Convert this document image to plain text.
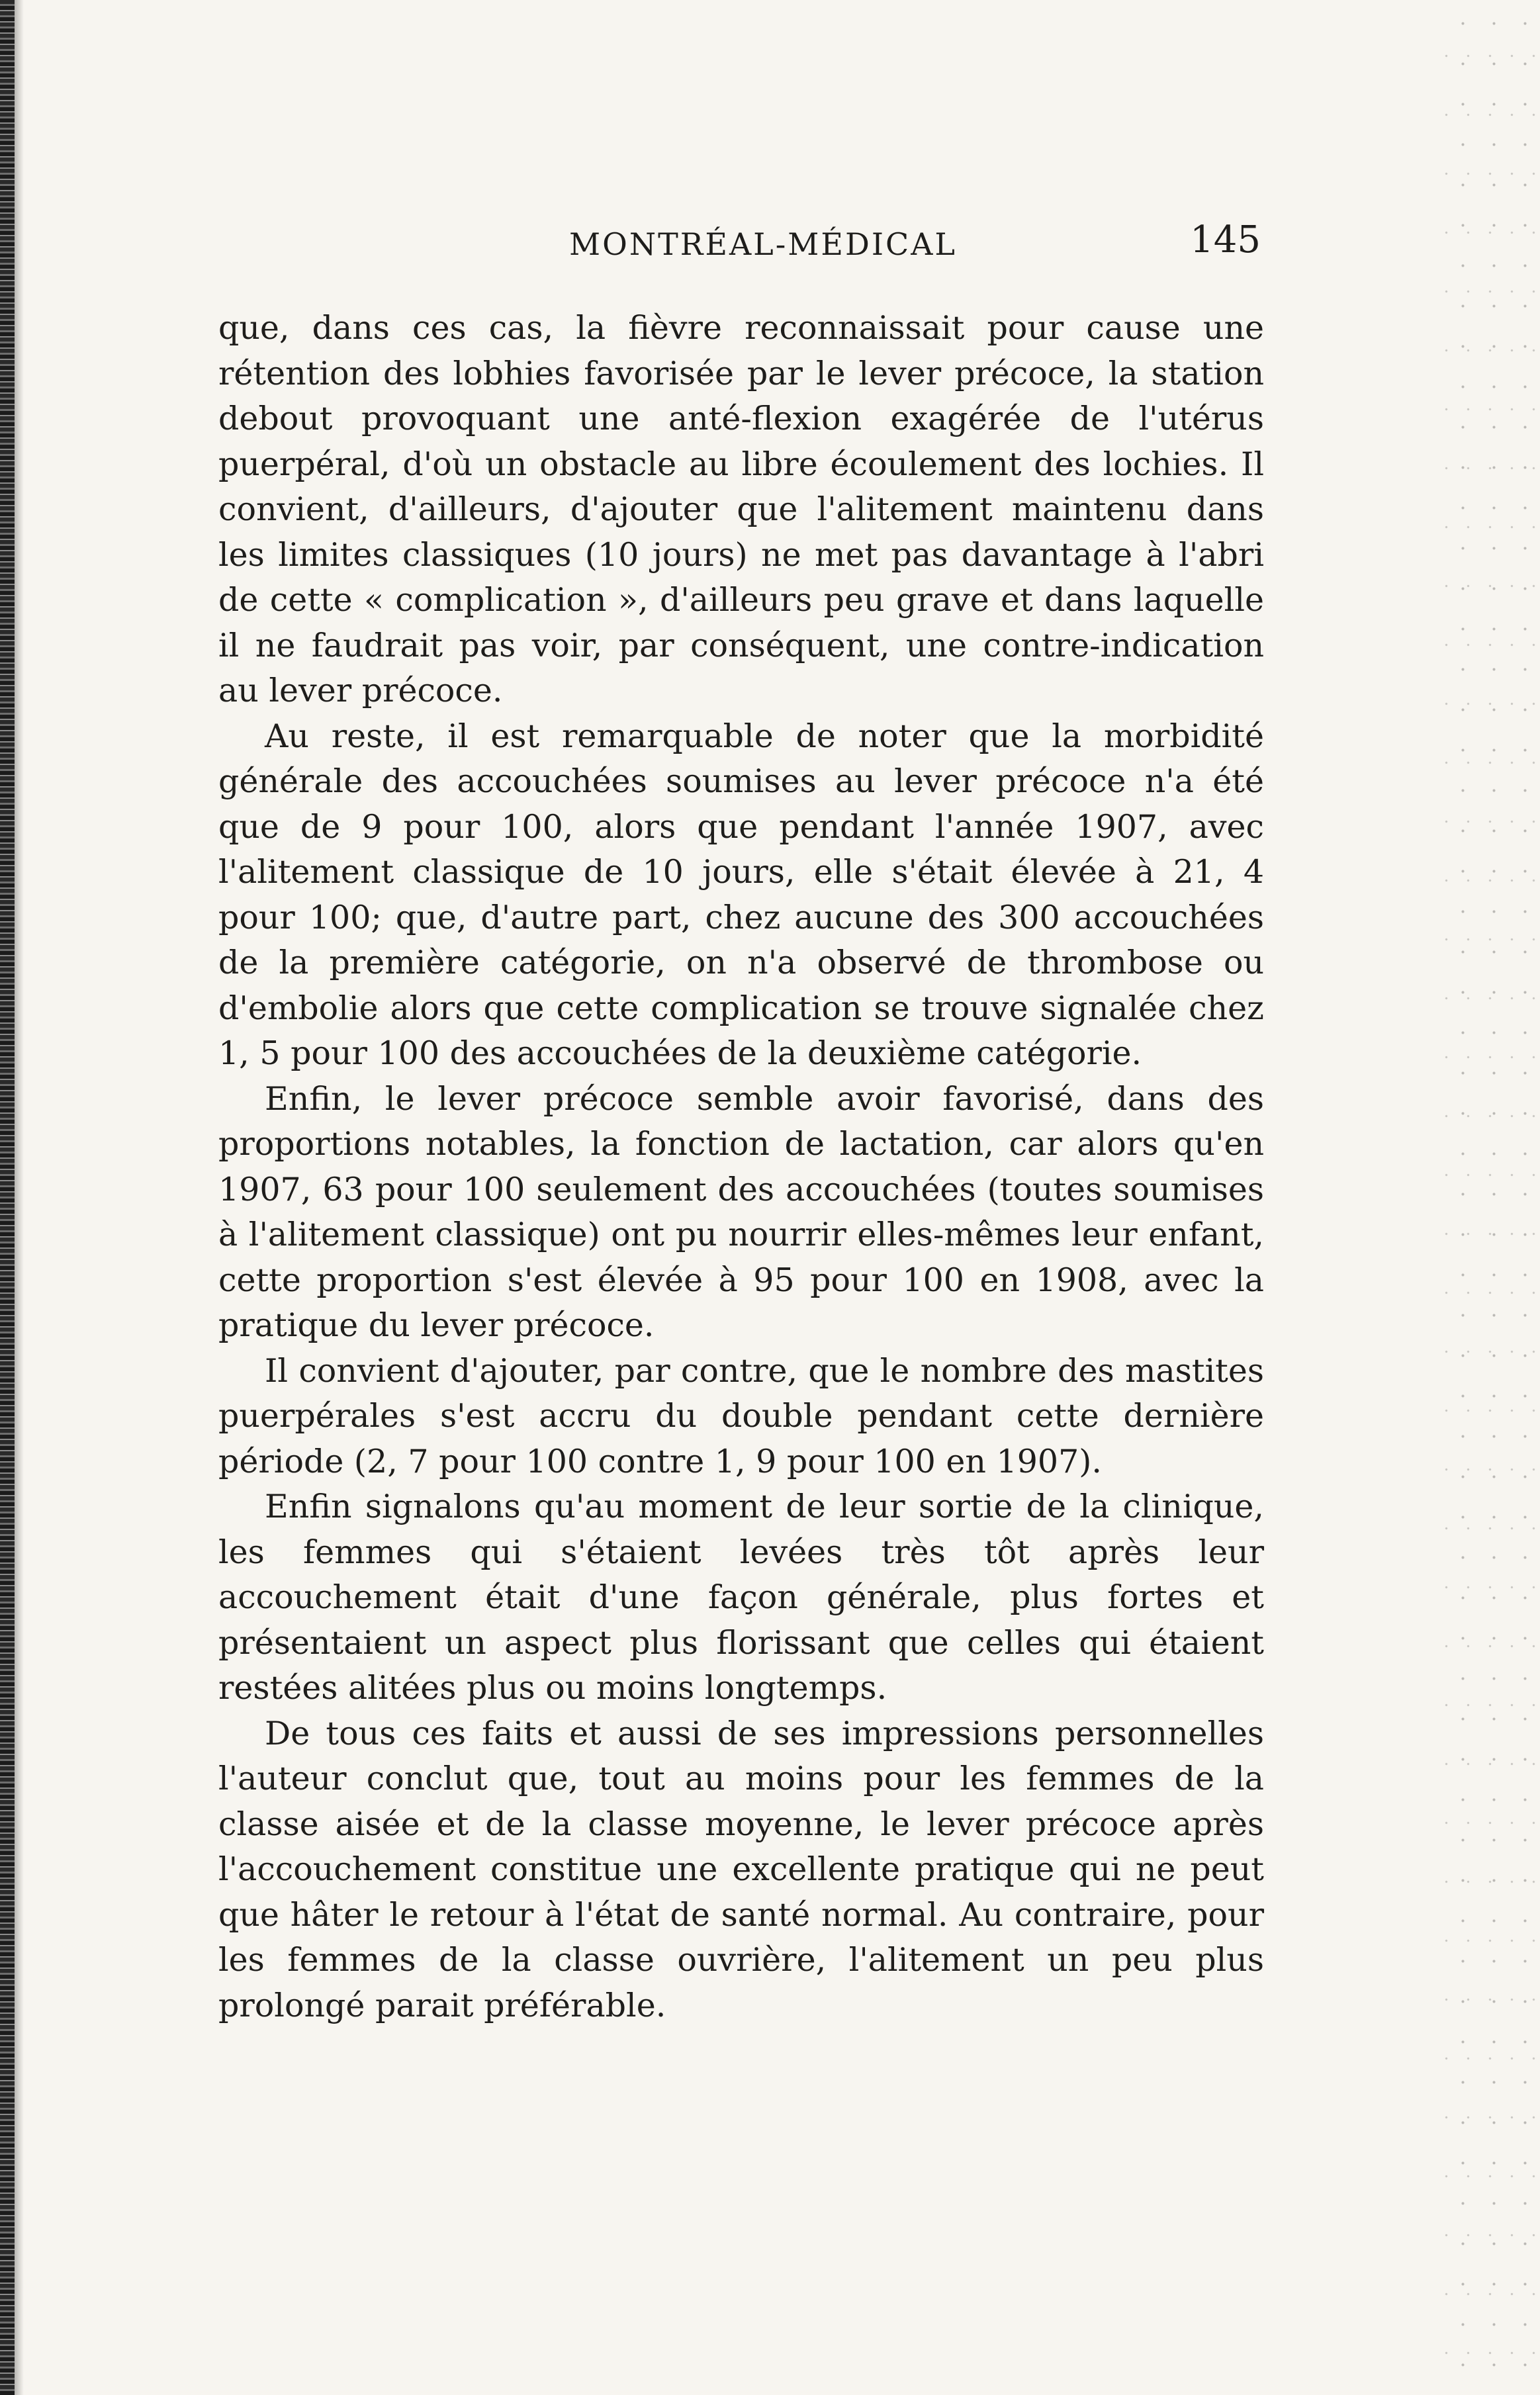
MONTRÉAL-MÉDICAL	145

que, dans ces cas, la fièvre reconnaissait pour cause une rétention des lobhies favorisée par le lever précoce, la station debout provoquant une anté-flexion exagérée de l'utérus puerpéral, d'où un obstacle au libre écoulement des lochies. Il convient, d'ailleurs, d'ajouter que l'alitement maintenu dans les limites classiques (10 jours) ne met pas davantage à l'abri de cette « complication », d'ailleurs peu grave et dans laquelle il ne faudrait pas voir, par conséquent, une contre-indication au lever précoce.

Au reste, il est remarquable de noter que la morbidité générale des accouchées soumises au lever précoce n'a été que de 9 pour 100, alors que pendant l'année 1907, avec l'alitement classique de 10 jours, elle s'était élevée à 21, 4 pour 100; que, d'autre part, chez aucune des 300 accouchées de la première catégorie, on n'a observé de thrombose ou d'embolie alors que cette complication se trouve signalée chez 1, 5 pour 100 des accouchées de la deuxième catégorie.

Enfin, le lever précoce semble avoir favorisé, dans des proportions notables, la fonction de lactation, car alors qu'en 1907, 63 pour 100 seulement des accouchées (toutes soumises à l'alitement classique) ont pu nourrir elles-mêmes leur enfant, cette proportion s'est élevée à 95 pour 100 en 1908, avec la pratique du lever précoce.

Il convient d'ajouter, par contre, que le nombre des mastites puerpérales s'est accru du double pendant cette dernière période (2, 7 pour 100 contre 1, 9 pour 100 en 1907).

Enfin signalons qu'au moment de leur sortie de la clinique, les femmes qui s'étaient levées très tôt après leur accouchement était d'une façon générale, plus fortes et présentaient un aspect plus florissant que celles qui étaient restées alitées plus ou moins longtemps.

De tous ces faits et aussi de ses impressions personnelles l'auteur conclut que, tout au moins pour les femmes de la classe aisée et de la classe moyenne, le lever précoce après l'accouchement constitue une excellente pratique qui ne peut que hâter le retour à l'état de santé normal. Au contraire, pour les femmes de la classe ouvrière, l'alitement un peu plus prolongé parait préférable.
